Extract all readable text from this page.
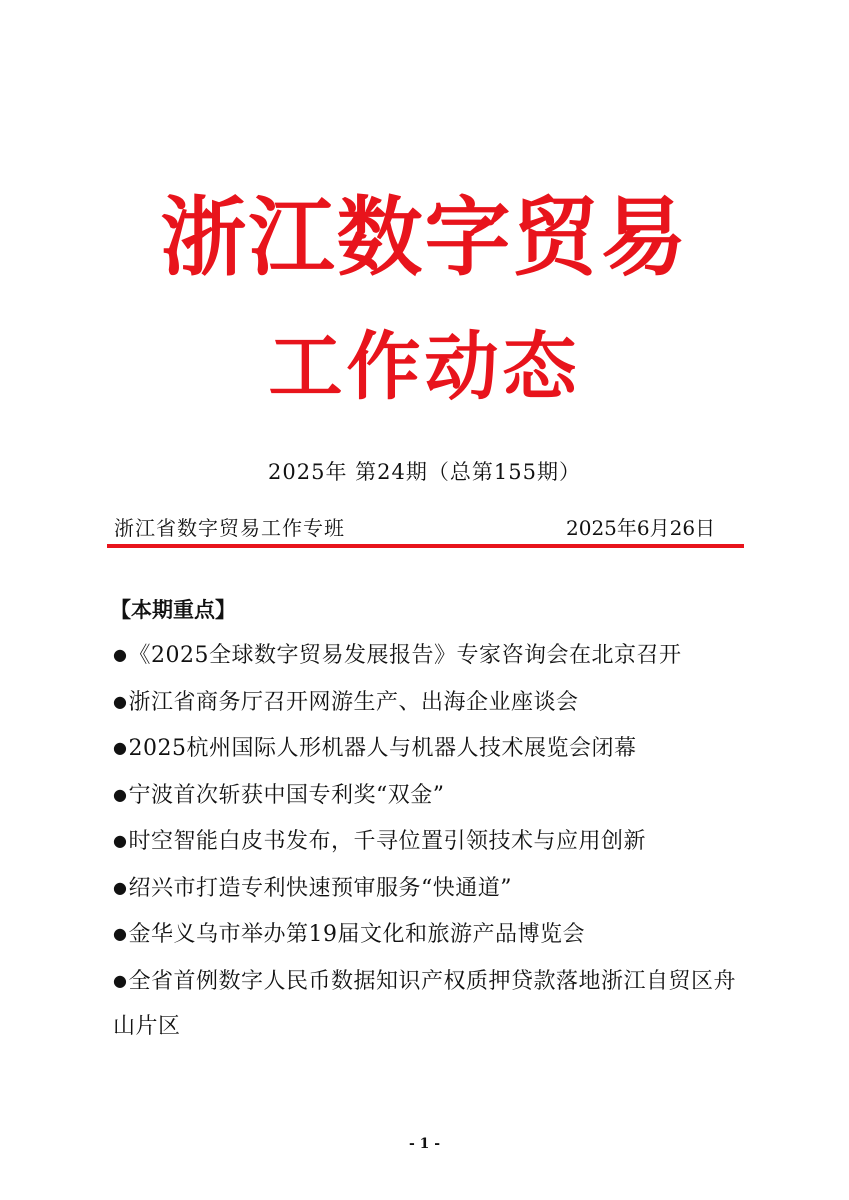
浙江数字贸易
工作动态
2025年 第24期（总第155期）
浙江省数字贸易工作专班	2025年6月26日
【本期重点】
●《2025全球数字贸易发展报告》专家咨询会在北京召开
●浙江省商务厅召开网游生产、出海企业座谈会
●2025杭州国际人形机器人与机器人技术展览会闭幕
●宁波首次斩获中国专利奖“双金”
●时空智能白皮书发布，千寻位置引领技术与应用创新
●绍兴市打造专利快速预审服务“快通道”
●金华义乌市举办第19届文化和旅游产品博览会
●全省首例数字人民币数据知识产权质押贷款落地浙江自贸区舟山片区
- 1 -
